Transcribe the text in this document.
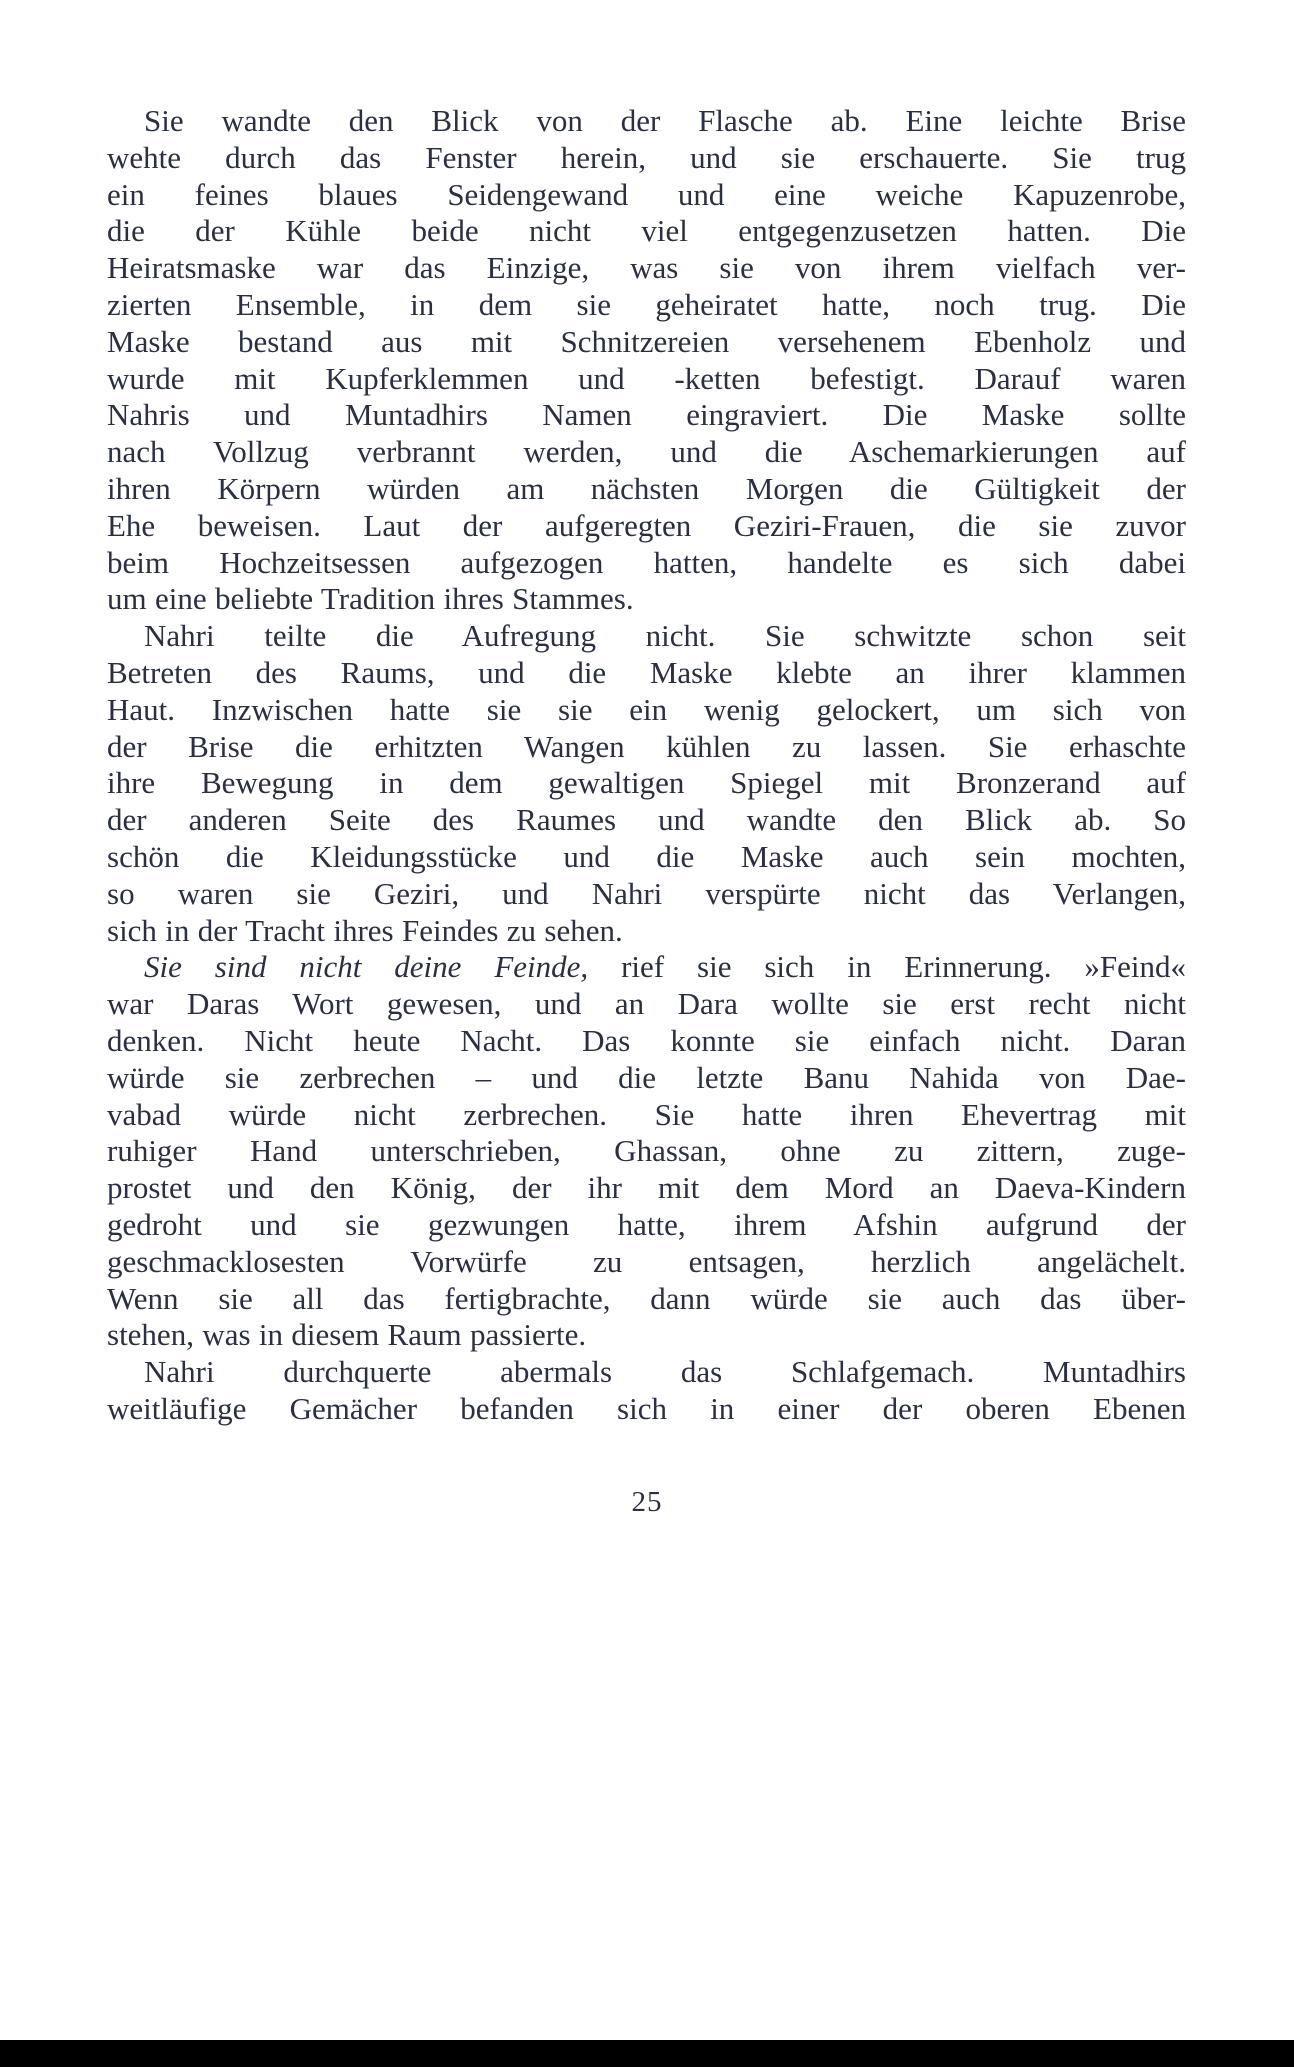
Sie wandte den Blick von der Flasche ab. Eine leichte Brise
wehte durch das Fenster herein, und sie erschauerte. Sie trug
ein feines blaues Seidengewand und eine weiche Kapuzenrobe,
die der Kühle beide nicht viel entgegenzusetzen hatten. Die
Heiratsmaske war das Einzige, was sie von ihrem vielfach ver-
zierten Ensemble, in dem sie geheiratet hatte, noch trug. Die
Maske bestand aus mit Schnitzereien versehenem Ebenholz und
wurde mit Kupferklemmen und -ketten befestigt. Darauf waren
Nahris und Muntadhirs Namen eingraviert. Die Maske sollte
nach Vollzug verbrannt werden, und die Aschemarkierungen auf
ihren Körpern würden am nächsten Morgen die Gültigkeit der
Ehe beweisen. Laut der aufgeregten Geziri-Frauen, die sie zuvor
beim Hochzeitsessen aufgezogen hatten, handelte es sich dabei
um eine beliebte Tradition ihres Stammes.
Nahri teilte die Aufregung nicht. Sie schwitzte schon seit
Betreten des Raums, und die Maske klebte an ihrer klammen
Haut. Inzwischen hatte sie sie ein wenig gelockert, um sich von
der Brise die erhitzten Wangen kühlen zu lassen. Sie erhaschte
ihre Bewegung in dem gewaltigen Spiegel mit Bronzerand auf
der anderen Seite des Raumes und wandte den Blick ab. So
schön die Kleidungsstücke und die Maske auch sein mochten,
so waren sie Geziri, und Nahri verspürte nicht das Verlangen,
sich in der Tracht ihres Feindes zu sehen.
Sie sind nicht deine Feinde, rief sie sich in Erinnerung. »Feind«
war Daras Wort gewesen, und an Dara wollte sie erst recht nicht
denken. Nicht heute Nacht. Das konnte sie einfach nicht. Daran
würde sie zerbrechen – und die letzte Banu Nahida von Dae-
vabad würde nicht zerbrechen. Sie hatte ihren Ehevertrag mit
ruhiger Hand unterschrieben, Ghassan, ohne zu zittern, zuge-
prostet und den König, der ihr mit dem Mord an Daeva-Kindern
gedroht und sie gezwungen hatte, ihrem Afshin aufgrund der
geschmacklosesten Vorwürfe zu entsagen, herzlich angelächelt.
Wenn sie all das fertigbrachte, dann würde sie auch das über-
stehen, was in diesem Raum passierte.
Nahri durchquerte abermals das Schlafgemach. Muntadhirs
weitläufige Gemächer befanden sich in einer der oberen Ebenen
25
